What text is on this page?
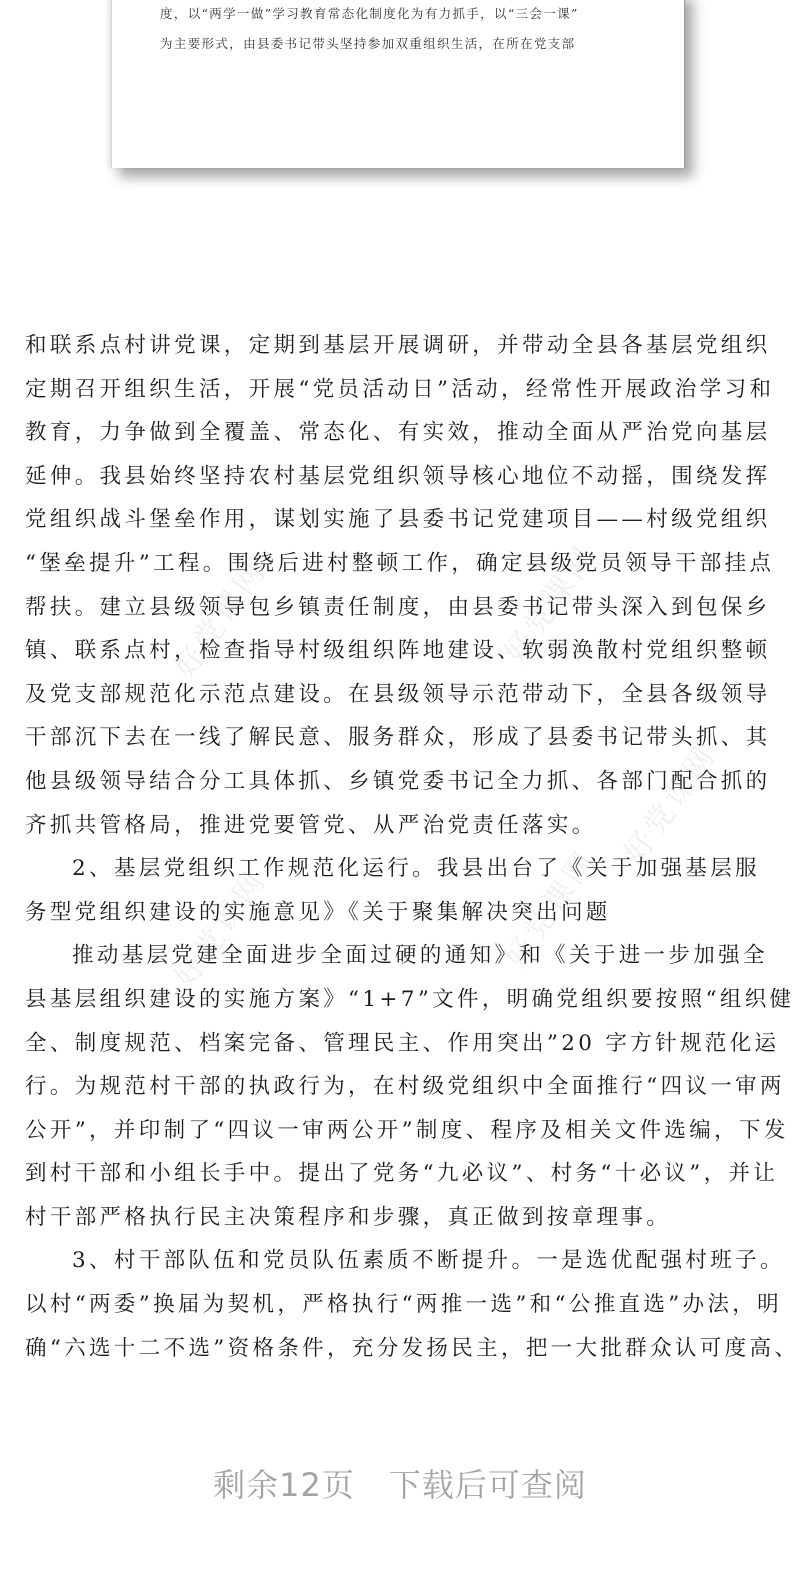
度，以“两学一做”学习教育常态化制度化为有力抓手，以“三会一课”
为主要形式，由县委书记带头坚持参加双重组织生活，在所在党支部
好党课网	好党课网
好党课网	好党课网
好党课网
和联系点村讲党课，定期到基层开展调研，并带动全县各基层党组织
定期召开组织生活，开展“党员活动日”活动，经常性开展政治学习和
教育，力争做到全覆盖、常态化、有实效，推动全面从严治党向基层
延伸。我县始终坚持农村基层党组织领导核心地位不动摇，围绕发挥
党组织战斗堡垒作用，谋划实施了县委书记党建项目——村级党组织
“堡垒提升”工程。围绕后进村整顿工作，确定县级党员领导干部挂点
帮扶。建立县级领导包乡镇责任制度，由县委书记带头深入到包保乡
镇、联系点村，检查指导村级组织阵地建设、软弱涣散村党组织整顿
及党支部规范化示范点建设。在县级领导示范带动下，全县各级领导
干部沉下去在一线了解民意、服务群众，形成了县委书记带头抓、其
他县级领导结合分工具体抓、乡镇党委书记全力抓、各部门配合抓的
齐抓共管格局，推进党要管党、从严治党责任落实。
2、基层党组织工作规范化运行。我县出台了《关于加强基层服
务型党组织建设的实施意见》《关于聚集解决突出问题
推动基层党建全面进步全面过硬的通知》和《关于进一步加强全
县基层组织建设的实施方案》“1+7”文件，明确党组织要按照“组织健
全、制度规范、档案完备、管理民主、作用突出”20 字方针规范化运
行。为规范村干部的执政行为，在村级党组织中全面推行“四议一审两
公开”，并印制了“四议一审两公开”制度、程序及相关文件选编，下发
到村干部和小组长手中。提出了党务“九必议”、村务“十必议”，并让
村干部严格执行民主决策程序和步骤，真正做到按章理事。
3、村干部队伍和党员队伍素质不断提升。一是选优配强村班子。
以村“两委”换届为契机，严格执行“两推一选”和“公推直选”办法，明
确“六选十二不选”资格条件，充分发扬民主，把一大批群众认可度高、
剩余12页 下载后可查阅
